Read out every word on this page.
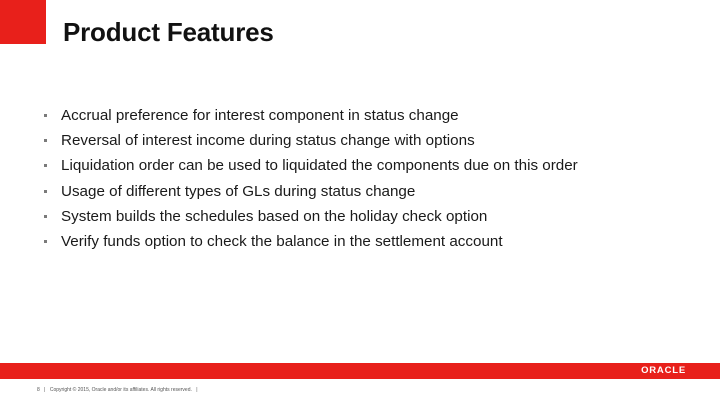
Product Features
Accrual preference for interest component in status change
Reversal of interest income during status change with options
Liquidation order can be used to liquidated the components due on this order
Usage of different types of GLs during status change
System builds the schedules based on the holiday check option
Verify funds option to check the balance in the settlement account
ORACLE
8 | Copyright © 2015, Oracle and/or its affiliates. All rights reserved. |
